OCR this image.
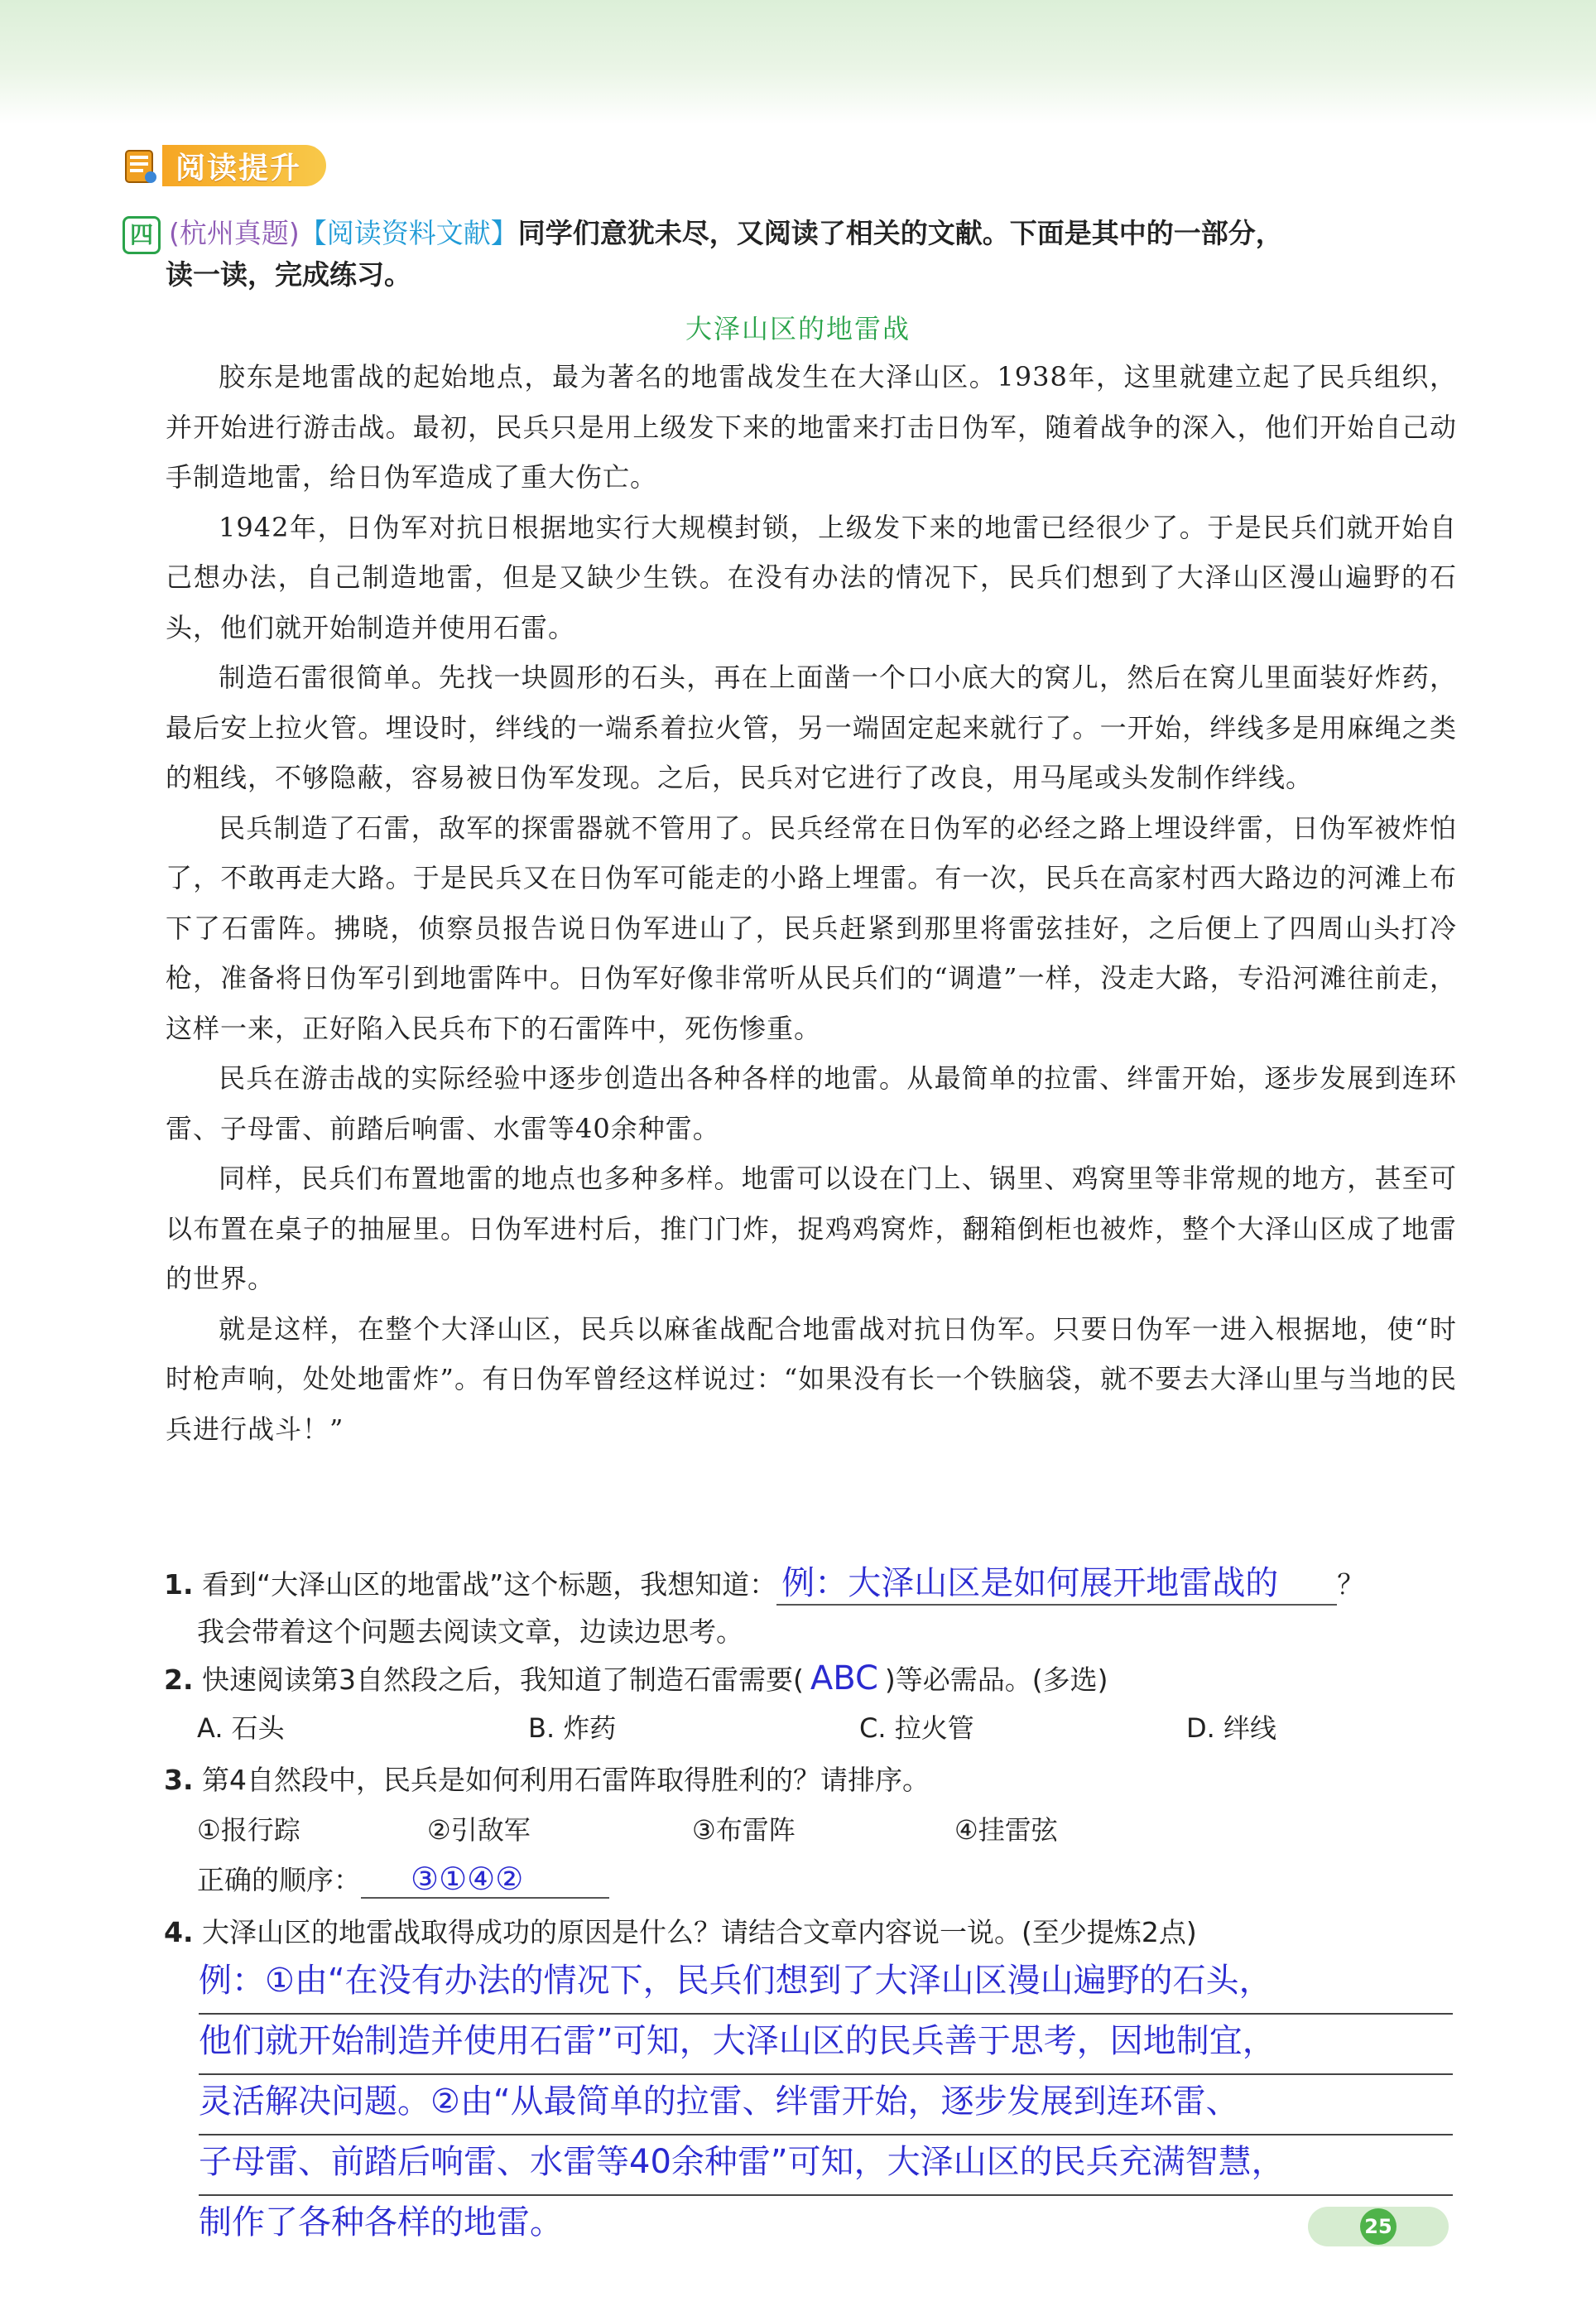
阅读提升
四 (杭州真题)【阅读资料文献】同学们意犹未尽，又阅读了相关的文献。下面是其中的一部分，
读一读，完成练习。
大泽山区的地雷战

胶东是地雷战的起始地点，最为著名的地雷战发生在大泽山区。1938年，这里就建立起了民兵组织，并开始进行游击战。最初，民兵只是用上级发下来的地雷来打击日伪军，随着战争的深入，他们开始自己动手制造地雷，给日伪军造成了重大伤亡。

1942年，日伪军对抗日根据地实行大规模封锁，上级发下来的地雷已经很少了。于是民兵们就开始自己想办法，自己制造地雷，但是又缺少生铁。在没有办法的情况下，民兵们想到了大泽山区漫山遍野的石头，他们就开始制造并使用石雷。

制造石雷很简单。先找一块圆形的石头，再在上面凿一个口小底大的窝儿，然后在窝儿里面装好炸药，最后安上拉火管。埋设时，绊线的一端系着拉火管，另一端固定起来就行了。一开始，绊线多是用麻绳之类的粗线，不够隐蔽，容易被日伪军发现。之后，民兵对它进行了改良，用马尾或头发制作绊线。

民兵制造了石雷，敌军的探雷器就不管用了。民兵经常在日伪军的必经之路上埋设绊雷，日伪军被炸怕了，不敢再走大路。于是民兵又在日伪军可能走的小路上埋雷。有一次，民兵在高家村西大路边的河滩上布下了石雷阵。拂晓，侦察员报告说日伪军进山了，民兵赶紧到那里将雷弦挂好，之后便上了四周山头打冷枪，准备将日伪军引到地雷阵中。日伪军好像非常听从民兵们的“调遣”一样，没走大路，专沿河滩往前走，这样一来，正好陷入民兵布下的石雷阵中，死伤惨重。

民兵在游击战的实际经验中逐步创造出各种各样的地雷。从最简单的拉雷、绊雷开始，逐步发展到连环雷、子母雷、前踏后响雷、水雷等40余种雷。

同样，民兵们布置地雷的地点也多种多样。地雷可以设在门上、锅里、鸡窝里等非常规的地方，甚至可以布置在桌子的抽屉里。日伪军进村后，推门门炸，捉鸡鸡窝炸，翻箱倒柜也被炸，整个大泽山区成了地雷的世界。

就是这样，在整个大泽山区，民兵以麻雀战配合地雷战对抗日伪军。只要日伪军一进入根据地，使“时时枪声响，处处地雷炸”。有日伪军曾经这样说过：“如果没有长一个铁脑袋，就不要去大泽山里与当地的民兵进行战斗！”

1. 看到“大泽山区的地雷战”这个标题，我想知道： 例：大泽山区是如何展开地雷战的 ？
我会带着这个问题去阅读文章，边读边思考。
2. 快速阅读第3自然段之后，我知道了制造石雷需要( ABC )等必需品。(多选)
A. 石头	B. 炸药	C. 拉火管	D. 绊线
3. 第4自然段中，民兵是如何利用石雷阵取得胜利的？请排序。
①报行踪	②引敌军	③布雷阵	④挂雷弦
正确的顺序： ③①④②
4. 大泽山区的地雷战取得成功的原因是什么？请结合文章内容说一说。(至少提炼2点)
例：①由“在没有办法的情况下，民兵们想到了大泽山区漫山遍野的石头，
他们就开始制造并使用石雷”可知，大泽山区的民兵善于思考，因地制宜，
灵活解决问题。②由“从最简单的拉雷、绊雷开始，逐步发展到连环雷、
子母雷、前踏后响雷、水雷等40余种雷”可知，大泽山区的民兵充满智慧，
制作了各种各样的地雷。	25
